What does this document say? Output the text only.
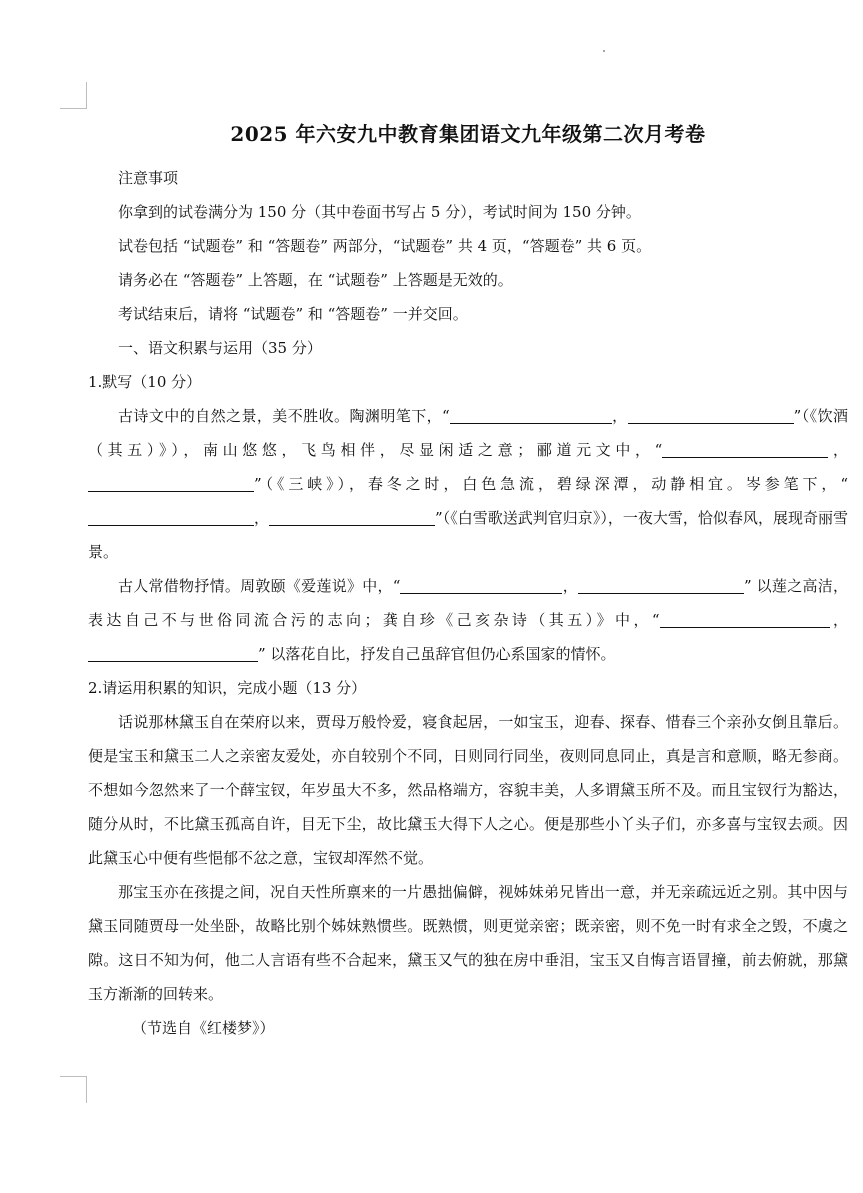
2025 年六安九中教育集团语文九年级第二次月考卷
注意事项
你拿到的试卷满分为 150 分（其中卷面书写占 5 分），考试时间为 150 分钟。
试卷包括 “试题卷” 和 “答题卷” 两部分，“试题卷” 共 4 页，“答题卷” 共 6 页。
请务必在 “答题卷” 上答题，在 “试题卷” 上答题是无效的。
考试结束后，请将 “试题卷” 和 “答题卷” 一并交回。
一、语文积累与运用（35 分）
1.默写（10 分）

古诗文中的自然之景，美不胜收。陶渊明笔下，“	，	”（《饮酒（其五）》），南山悠悠，飞鸟相伴，尽显闲适之意；郦道元文中，“	，”（《三峡》），春冬之时，白色急流，碧绿深潭，动静相宜。岑参笔下，“，	”（《白雪歌送武判官归京》），一夜大雪，恰似春风，展现奇丽雪景。

古人常借物抒情。周敦颐《爱莲说》中，“	，	” 以莲之高洁，表达自己不与世俗同流合污的志向；龚自珍《己亥杂诗（其五）》中，“	，” 以落花自比，抒发自己虽辞官但仍心系国家的情怀。

2.请运用积累的知识，完成小题（13 分）

话说那林黛玉自在荣府以来，贾母万般怜爱，寝食起居，一如宝玉，迎春、探春、惜春三个亲孙女倒且靠后。便是宝玉和黛玉二人之亲密友爱处，亦自较别个不同，日则同行同坐，夜则同息同止，真是言和意顺，略无参商。不想如今忽然来了一个薛宝钗，年岁虽大不多，然品格端方，容貌丰美，人多谓黛玉所不及。而且宝钗行为豁达，随分从时，不比黛玉孤高自许，目无下尘，故比黛玉大得下人之心。便是那些小丫头子们，亦多喜与宝钗去顽。因此黛玉心中便有些悒郁不忿之意，宝钗却浑然不觉。

那宝玉亦在孩提之间，况自天性所禀来的一片愚拙偏僻，视姊妹弟兄皆出一意，并无亲疏远近之别。其中因与黛玉同随贾母一处坐卧，故略比别个姊妹熟惯些。既熟惯，则更觉亲密；既亲密，则不免一时有求全之毁，不虞之隙。这日不知为何，他二人言语有些不合起来，黛玉又气的独在房中垂泪，宝玉又自悔言语冒撞，前去俯就，那黛玉方渐渐的回转来。

（节选自《红楼梦》）
